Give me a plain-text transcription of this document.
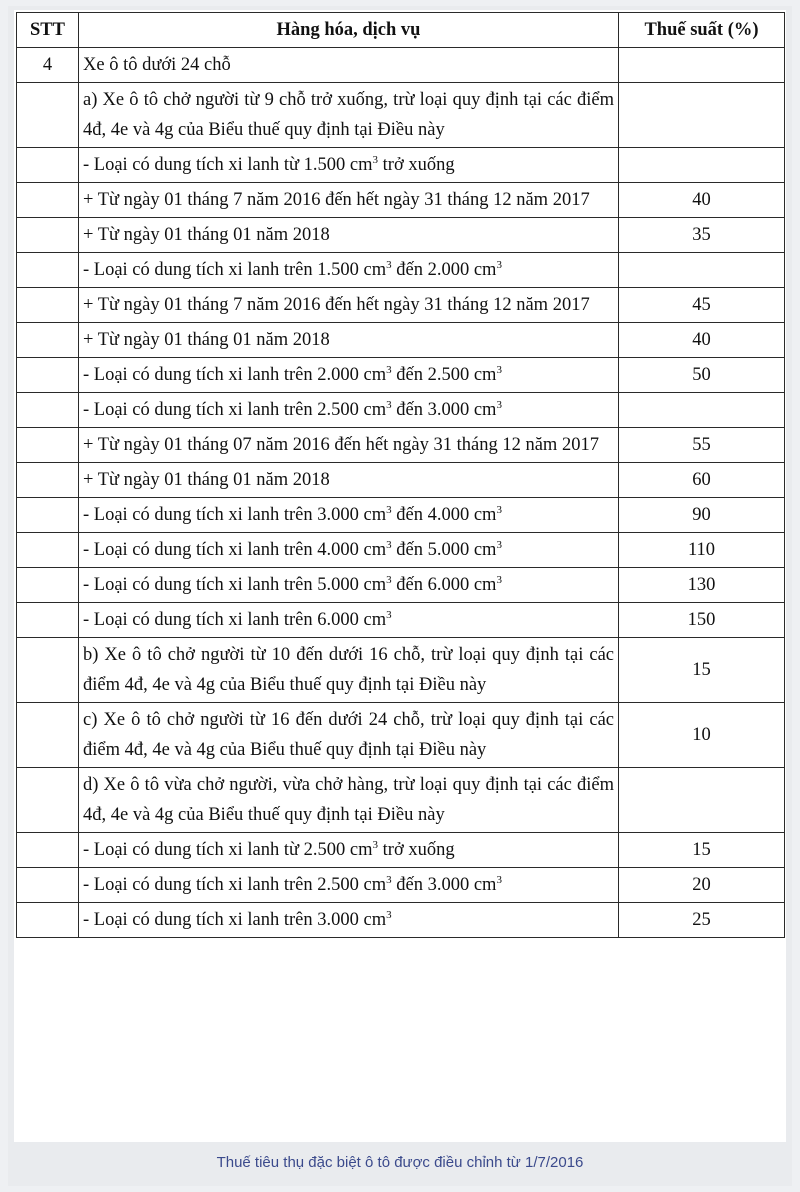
STT	Hàng hóa, dịch vụ	Thuế suất (%)
4	Xe ô tô dưới 24 chỗ	
	a) Xe ô tô chở người từ 9 chỗ trở xuống, trừ loại quy định tại các điểm 4đ, 4e và 4g của Biểu thuế quy định tại Điều này	
	- Loại có dung tích xi lanh từ 1.500 $cm^3$ trở xuống	
	+ Từ ngày 01 tháng 7 năm 2016 đến hết ngày 31 tháng 12 năm 2017	40
	+ Từ ngày 01 tháng 01 năm 2018	35
	- Loại có dung tích xi lanh trên 1.500 $cm^3$ đến 2.000 $cm^3$	
	+ Từ ngày 01 tháng 7 năm 2016 đến hết ngày 31 tháng 12 năm 2017	45
	+ Từ ngày 01 tháng 01 năm 2018	40
	- Loại có dung tích xi lanh trên 2.000 $cm^3$ đến 2.500 $cm^3$	50
	- Loại có dung tích xi lanh trên 2.500 $cm^3$ đến 3.000 $cm^3$	
	+ Từ ngày 01 tháng 07 năm 2016 đến hết ngày 31 tháng 12 năm 2017	55
	+ Từ ngày 01 tháng 01 năm 2018	60
	- Loại có dung tích xi lanh trên 3.000 $cm^3$ đến 4.000 $cm^3$	90
	- Loại có dung tích xi lanh trên 4.000 $cm^3$ đến 5.000 $cm^3$	110
	- Loại có dung tích xi lanh trên 5.000 $cm^3$ đến 6.000 $cm^3$	130
	- Loại có dung tích xi lanh trên 6.000 $cm^3$	150
	b) Xe ô tô chở người từ 10 đến dưới 16 chỗ, trừ loại quy định tại các điểm 4đ, 4e và 4g của Biểu thuế quy định tại Điều này	15
	c) Xe ô tô chở người từ 16 đến dưới 24 chỗ, trừ loại quy định tại các điểm 4đ, 4e và 4g của Biểu thuế quy định tại Điều này	10
	d) Xe ô tô vừa chở người, vừa chở hàng, trừ loại quy định tại các điểm 4đ, 4e và 4g của Biểu thuế quy định tại Điều này	
	- Loại có dung tích xi lanh từ 2.500 $cm^3$ trở xuống	15
	- Loại có dung tích xi lanh trên 2.500 $cm^3$ đến 3.000 $cm^3$	20
	- Loại có dung tích xi lanh trên 3.000 $cm^3$	25
Thuế tiêu thụ đặc biệt ô tô được điều chỉnh từ 1/7/2016
